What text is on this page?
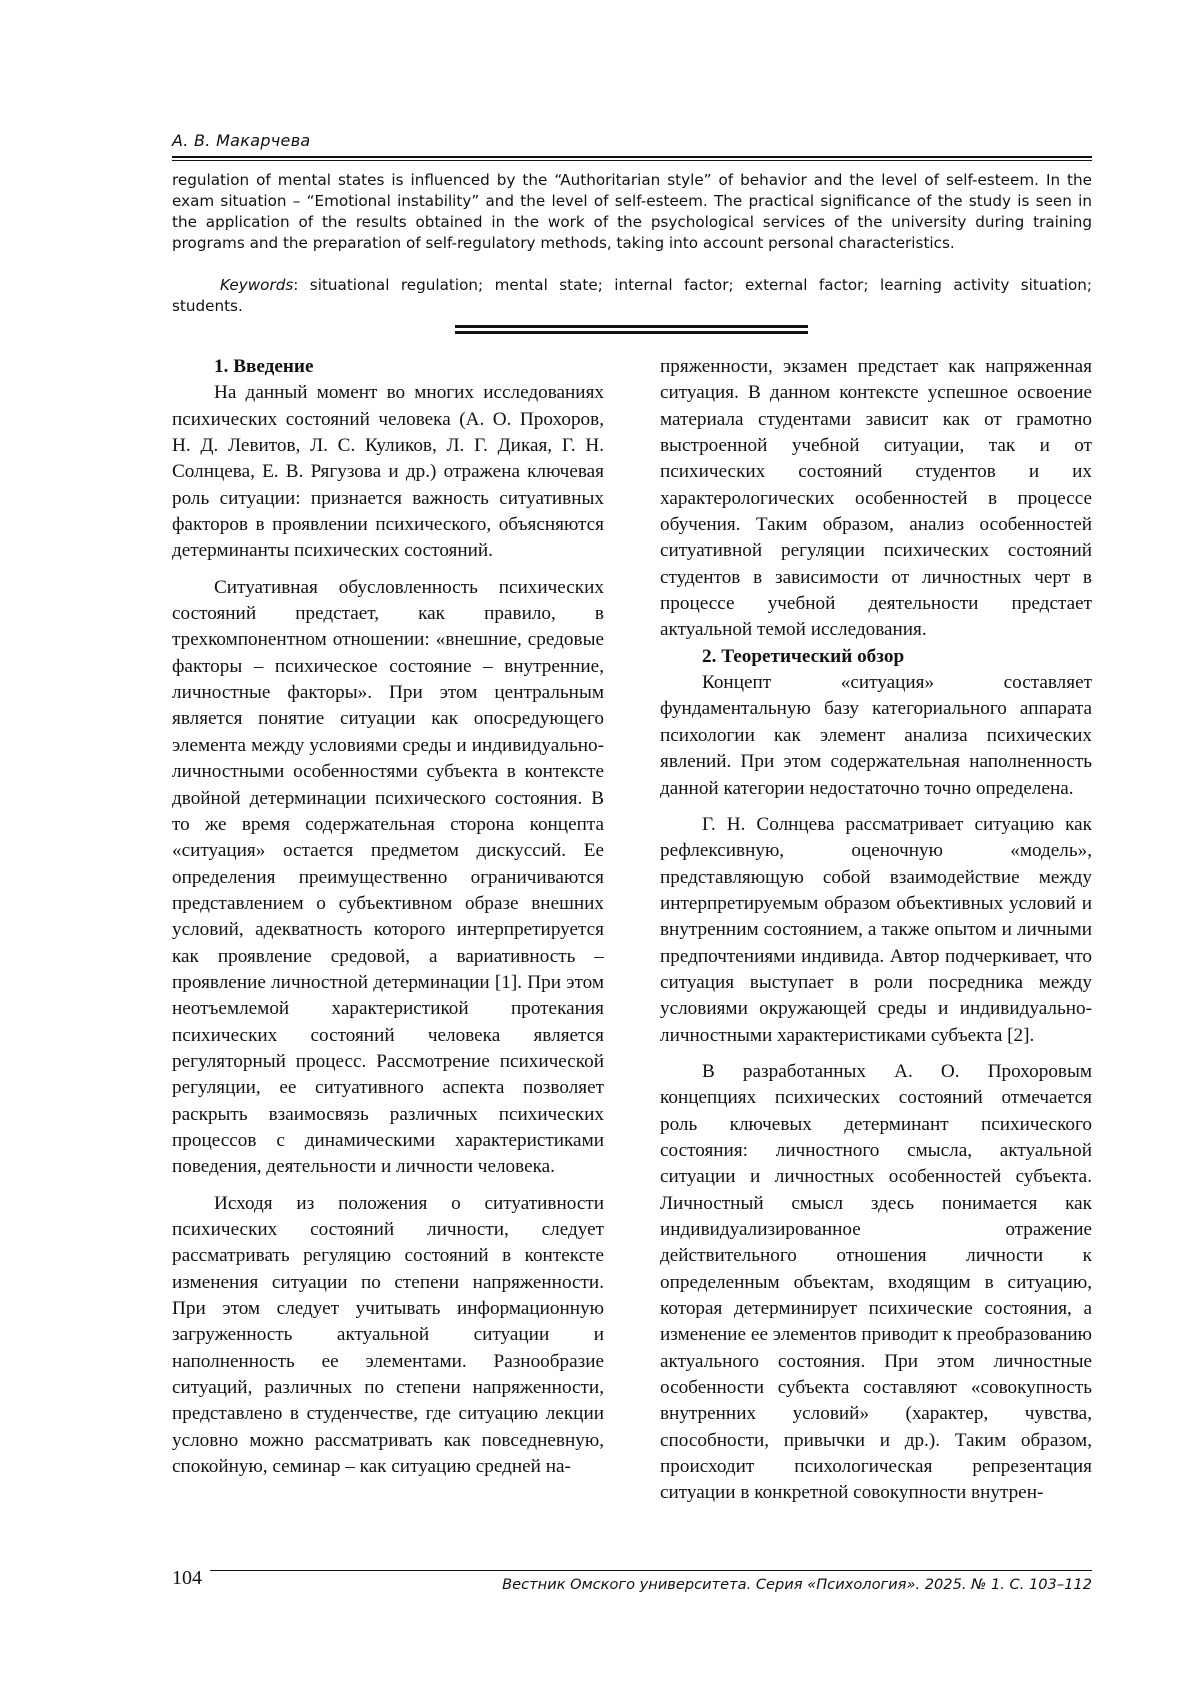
А. В. Макарчева

regulation of mental states is influenced by the “Authoritarian style” of behavior and the level of self-esteem. In the exam situation – “Emotional instability” and the level of self-esteem. The practical significance of the study is seen in the application of the results obtained in the work of the psychological services of the university during training programs and the preparation of self-regulatory methods, taking into account personal characteristics.

Keywords: situational regulation; mental state; internal factor; external factor; learning activity situation; students.

1. Введение

На данный момент во многих исследованиях психических состояний человека (А. О. Прохоров, Н. Д. Левитов, Л. С. Куликов, Л. Г. Дикая, Г. Н. Солнцева, Е. В. Рягузова и др.) отражена ключевая роль ситуации: признается важность ситуативных факторов в проявлении психического, объясняются детерминанты психических состояний.

Ситуативная обусловленность психических состояний предстает, как правило, в трехкомпонентном отношении: «внешние, средовые факторы – психическое состояние – внутренние, личностные факторы». При этом центральным является понятие ситуации как опосредующего элемента между условиями среды и индивидуально-личностными особенностями субъекта в контексте двойной детерминации психического состояния. В то же время содержательная сторона концепта «ситуация» остается предметом дискуссий. Ее определения преимущественно ограничиваются представлением о субъективном образе внешних условий, адекватность которого интерпретируется как проявление средовой, а вариативность – проявление личностной детерминации [1]. При этом неотъемлемой характеристикой протекания психических состояний человека является регуляторный процесс. Рассмотрение психической регуляции, ее ситуативного аспекта позволяет раскрыть взаимосвязь различных психических процессов с динамическими характеристиками поведения, деятельности и личности человека.

Исходя из положения о ситуативности психических состояний личности, следует рассматривать регуляцию состояний в контексте изменения ситуации по степени напряженности. При этом следует учитывать информационную загруженность актуальной ситуации и наполненность ее элементами. Разнообразие ситуаций, различных по степени напряженности, представлено в студенчестве, где ситуацию лекции условно можно рассматривать как повседневную, спокойную, семинар – как ситуацию средней на-

пряженности, экзамен предстает как напряженная ситуация. В данном контексте успешное освоение материала студентами зависит как от грамотно выстроенной учебной ситуации, так и от психических состояний студентов и их характерологических особенностей в процессе обучения. Таким образом, анализ особенностей ситуативной регуляции психических состояний студентов в зависимости от личностных черт в процессе учебной деятельности предстает актуальной темой исследования.

2. Теоретический обзор

Концепт «ситуация» составляет фундаментальную базу категориального аппарата психологии как элемент анализа психических явлений. При этом содержательная наполненность данной категории недостаточно точно определена.

Г. Н. Солнцева рассматривает ситуацию как рефлексивную, оценочную «модель», представляющую собой взаимодействие между интерпретируемым образом объективных условий и внутренним состоянием, а также опытом и личными предпочтениями индивида. Автор подчеркивает, что ситуация выступает в роли посредника между условиями окружающей среды и индивидуально-личностными характеристиками субъекта [2].

В разработанных А. О. Прохоровым концепциях психических состояний отмечается роль ключевых детерминант психического состояния: личностного смысла, актуальной ситуации и личностных особенностей субъекта. Личностный смысл здесь понимается как индивидуализированное отражение действительного отношения личности к определенным объектам, входящим в ситуацию, которая детерминирует психические состояния, а изменение ее элементов приводит к преобразованию актуального состояния. При этом личностные особенности субъекта составляют «совокупность внутренних условий» (характер, чувства, способности, привычки и др.). Таким образом, происходит психологическая репрезентация ситуации в конкретной совокупности внутрен-

104	Вестник Омского университета. Серия «Психология». 2025. № 1. С. 103–112
